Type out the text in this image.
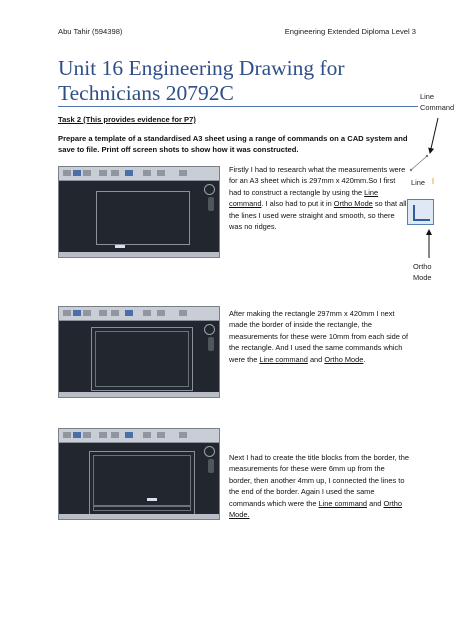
Abu Tahir (594398)	Engineering Extended Diploma Level 3
Unit 16 Engineering Drawing for Technicians 20792C
Task 2 (This provides evidence for P7)
Prepare a template of a standardised A3 sheet using a range of commands on a CAD system and save to file. Print off screen shots to show how it was constructed.
Firstly I had to research what the measurements were for an A3 sheet which is 297mm x 420mm.So I first had to construct a rectangle by using the Line command. I also had to put it in Ortho Mode so that all the lines I used were straight and smooth, so there was no ridges.
After making the rectangle 297mm x 420mm I next made the border of inside the rectangle, the measurements for these were 10mm from each side of the rectangle. And I used the same commands which were the Line command and Ortho Mode.
Next I had to create the title blocks from the border, the measurements for these were 6mm up from the border, then another 4mm up, I connected the lines to the end of the border. Again I used the same commands which were the Line command and Ortho Mode.
Line Command
Line
Ortho Mode
